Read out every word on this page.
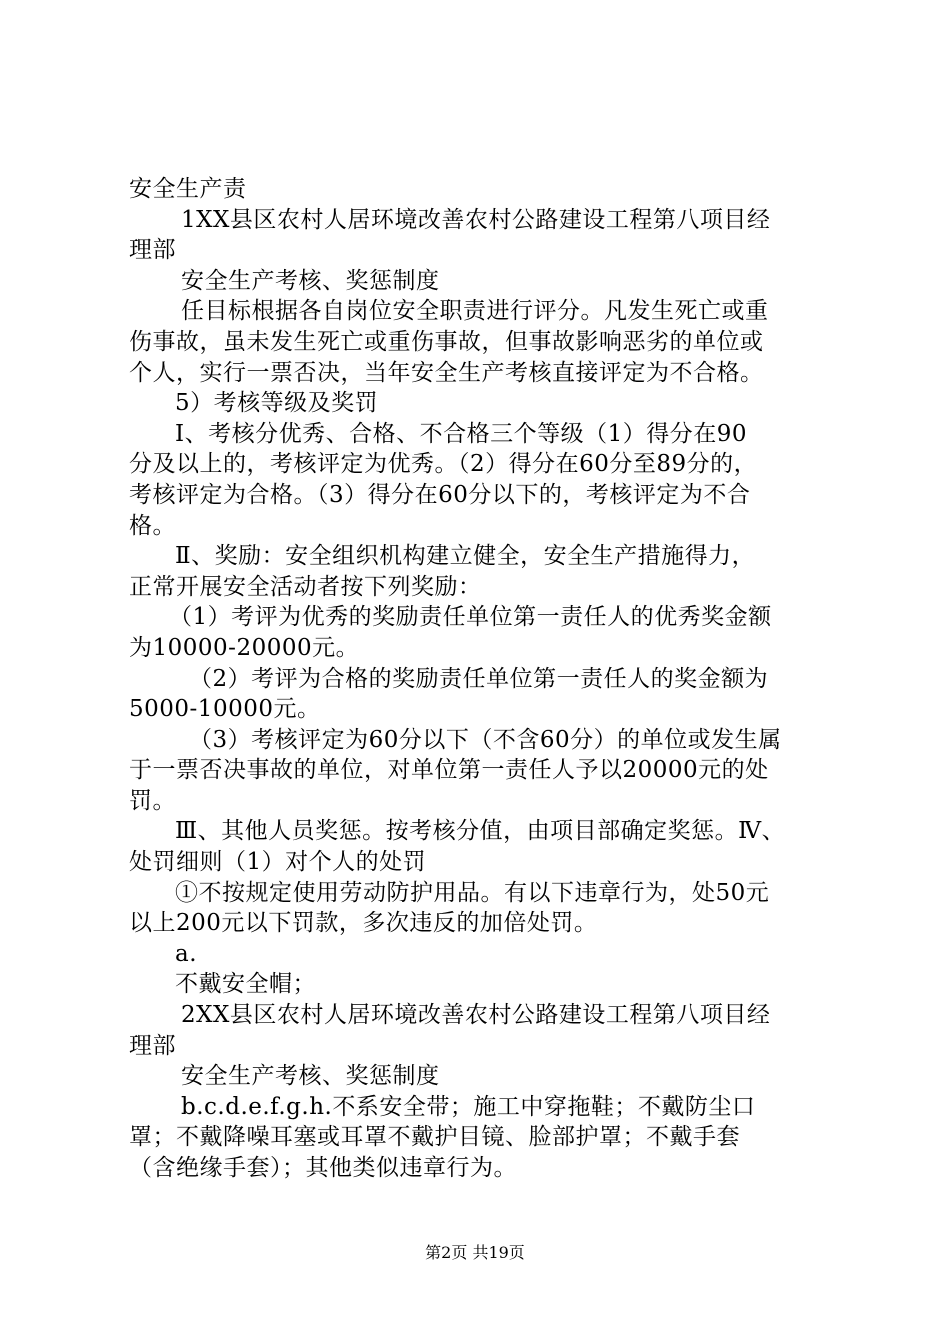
安全生产责
1XX县区农村人居环境改善农村公路建设工程第八项目经
理部
安全生产考核、奖惩制度
任目标根据各自岗位安全职责进行评分。凡发生死亡或重
伤事故，虽未发生死亡或重伤事故，但事故影响恶劣的单位或
个人，实行一票否决，当年安全生产考核直接评定为不合格。
5）考核等级及奖罚
Ⅰ、考核分优秀、合格、不合格三个等级（1）得分在90
分及以上的，考核评定为优秀。（2）得分在60分至89分的，
考核评定为合格。（3）得分在60分以下的，考核评定为不合
格。
Ⅱ、奖励：安全组织机构建立健全，安全生产措施得力，
正常开展安全活动者按下列奖励：
（1）考评为优秀的奖励责任单位第一责任人的优秀奖金额
为10000-20000元。
（2）考评为合格的奖励责任单位第一责任人的奖金额为
5000-10000元。
（3）考核评定为60分以下（不含60分）的单位或发生属
于一票否决事故的单位，对单位第一责任人予以20000元的处
罚。
Ⅲ、其他人员奖惩。按考核分值，由项目部确定奖惩。Ⅳ、
处罚细则（1）对个人的处罚
①不按规定使用劳动防护用品。有以下违章行为，处50元
以上200元以下罚款，多次违反的加倍处罚。
a.
不戴安全帽；
2XX县区农村人居环境改善农村公路建设工程第八项目经
理部
安全生产考核、奖惩制度
b.c.d.e.f.g.h.不系安全带；施工中穿拖鞋；不戴防尘口
罩；不戴降噪耳塞或耳罩不戴护目镜、脸部护罩；不戴手套
（含绝缘手套）；其他类似违章行为。
第2页 共19页
